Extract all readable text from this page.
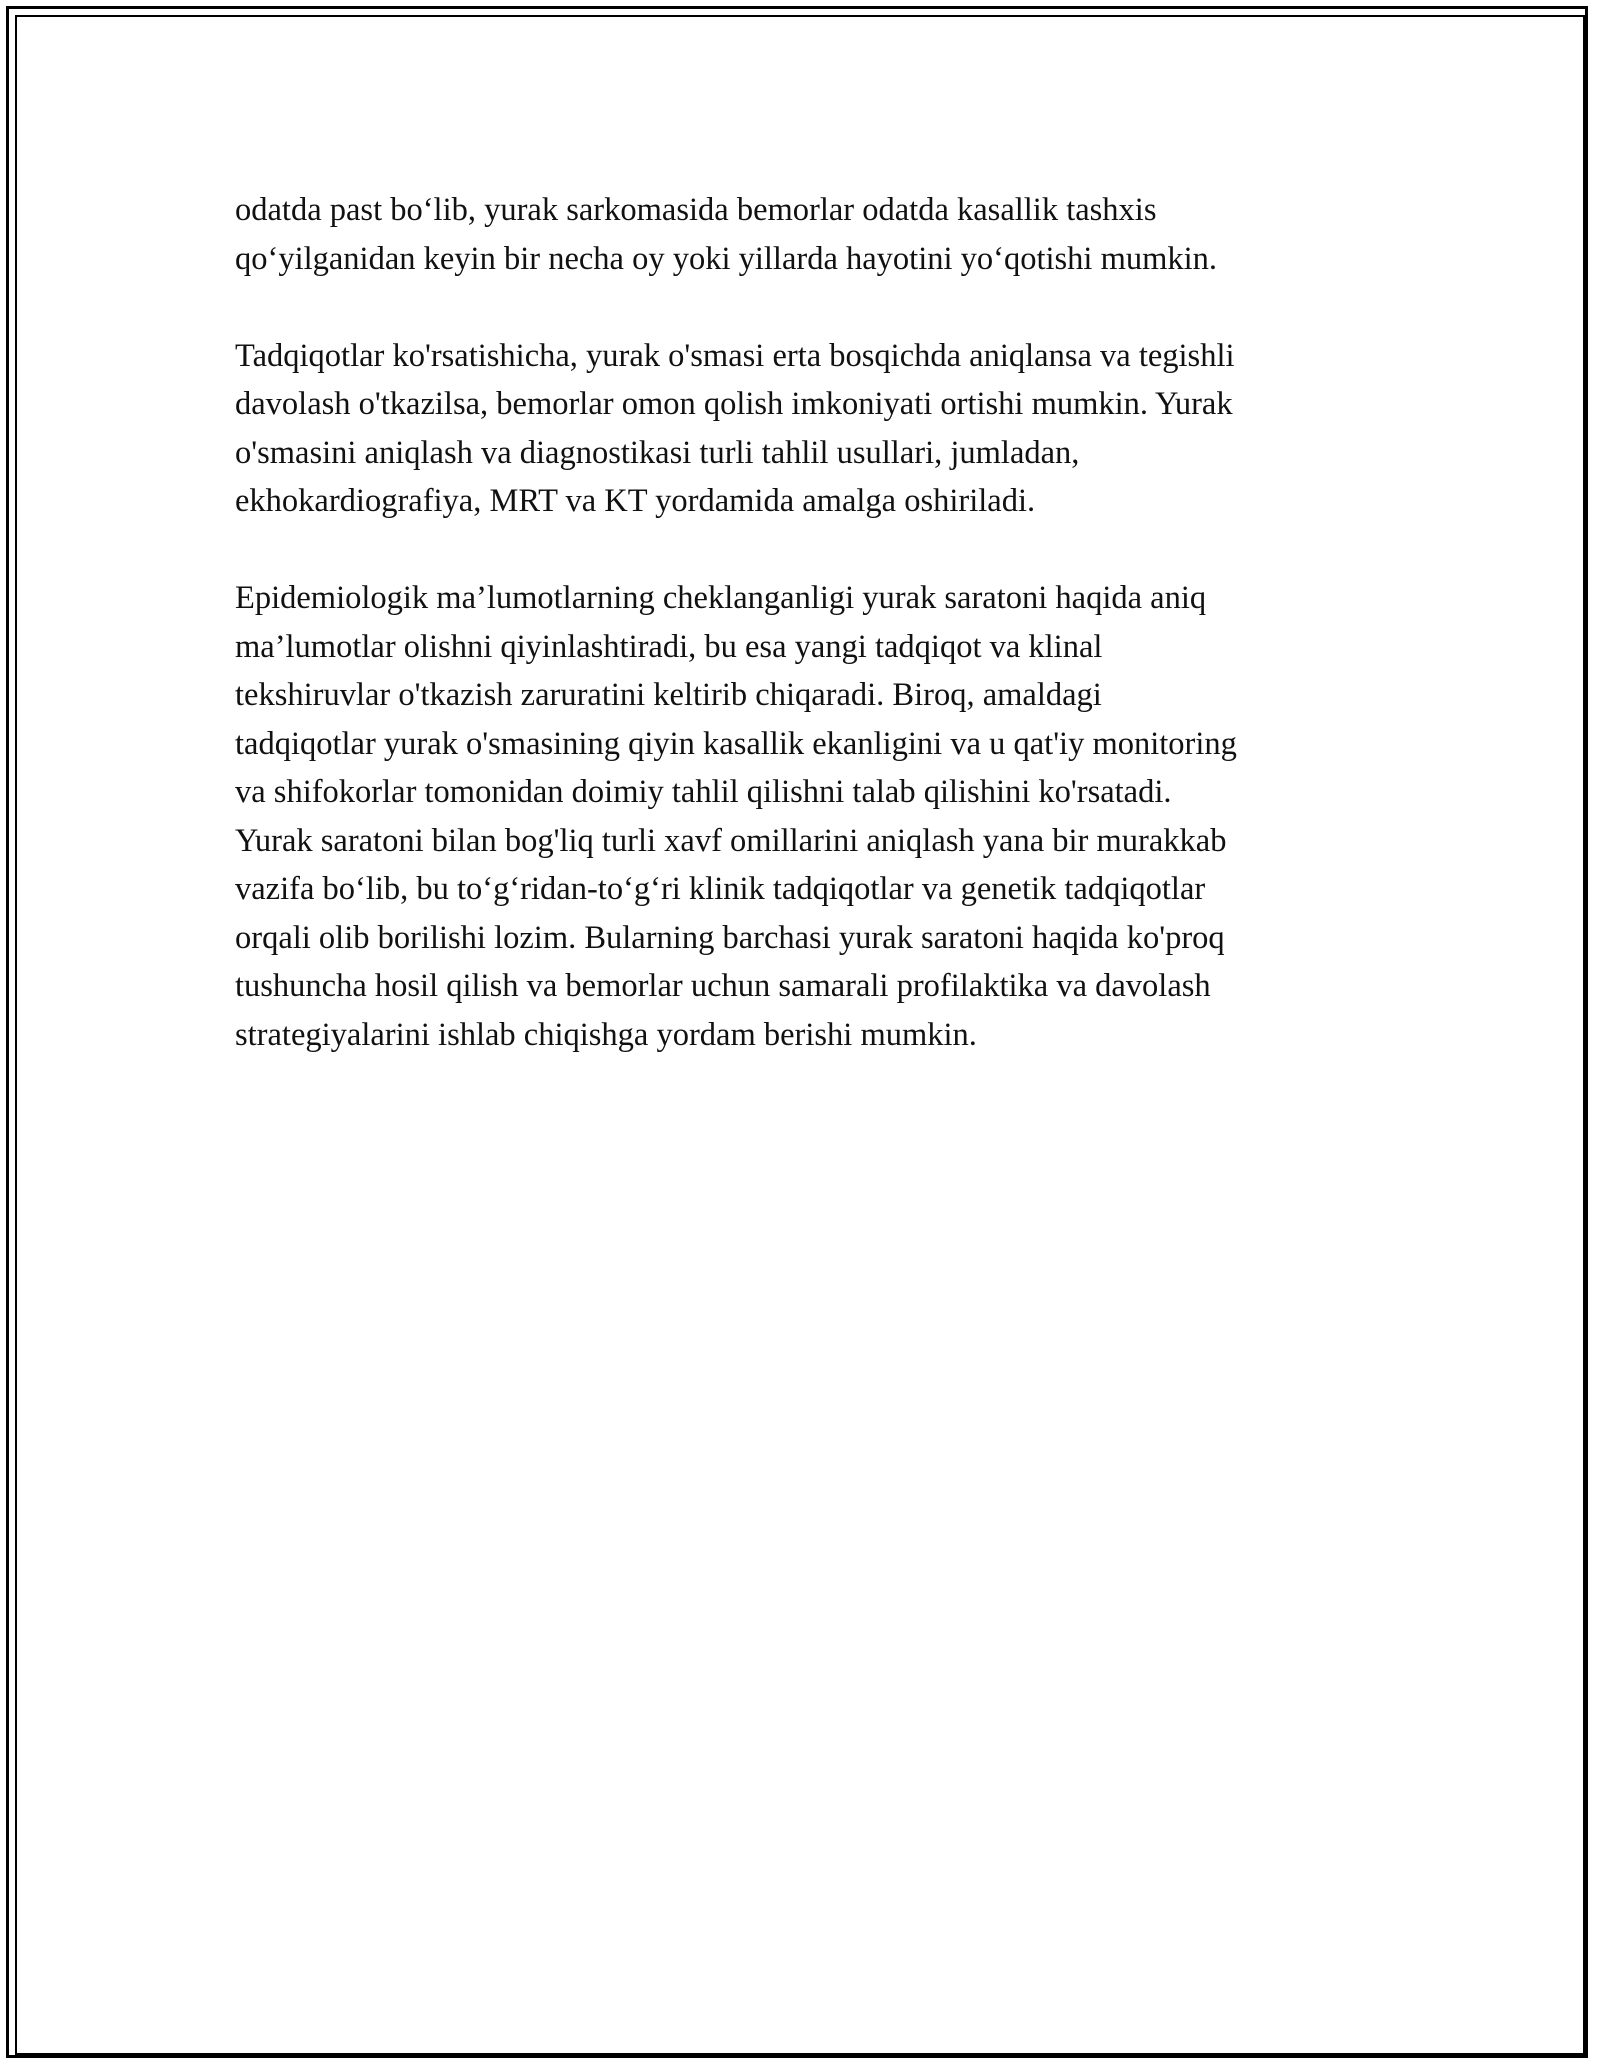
odatda past bo‘lib, yurak sarkomasida bemorlar odatda kasallik tashxis
qo‘yilganidan keyin bir necha oy yoki yillarda hayotini yo‘qotishi mumkin.

Tadqiqotlar ko'rsatishicha, yurak o'smasi erta bosqichda aniqlansa va tegishli
davolash o'tkazilsa, bemorlar omon qolish imkoniyati ortishi mumkin. Yurak
o'smasini aniqlash va diagnostikasi turli tahlil usullari, jumladan,
ekhokardiografiya, MRT va KT yordamida amalga oshiriladi.

Epidemiologik ma’lumotlarning cheklanganligi yurak saratoni haqida aniq
ma’lumotlar olishni qiyinlashtiradi, bu esa yangi tadqiqot va klinal
tekshiruvlar o'tkazish zaruratini keltirib chiqaradi. Biroq, amaldagi
tadqiqotlar yurak o'smasining qiyin kasallik ekanligini va u qat'iy monitoring
va shifokorlar tomonidan doimiy tahlil qilishni talab qilishini ko'rsatadi.
Yurak saratoni bilan bog'liq turli xavf omillarini aniqlash yana bir murakkab
vazifa bo‘lib, bu to‘g‘ridan-to‘g‘ri klinik tadqiqotlar va genetik tadqiqotlar
orqali olib borilishi lozim. Bularning barchasi yurak saratoni haqida ko'proq
tushuncha hosil qilish va bemorlar uchun samarali profilaktika va davolash
strategiyalarini ishlab chiqishga yordam berishi mumkin.
